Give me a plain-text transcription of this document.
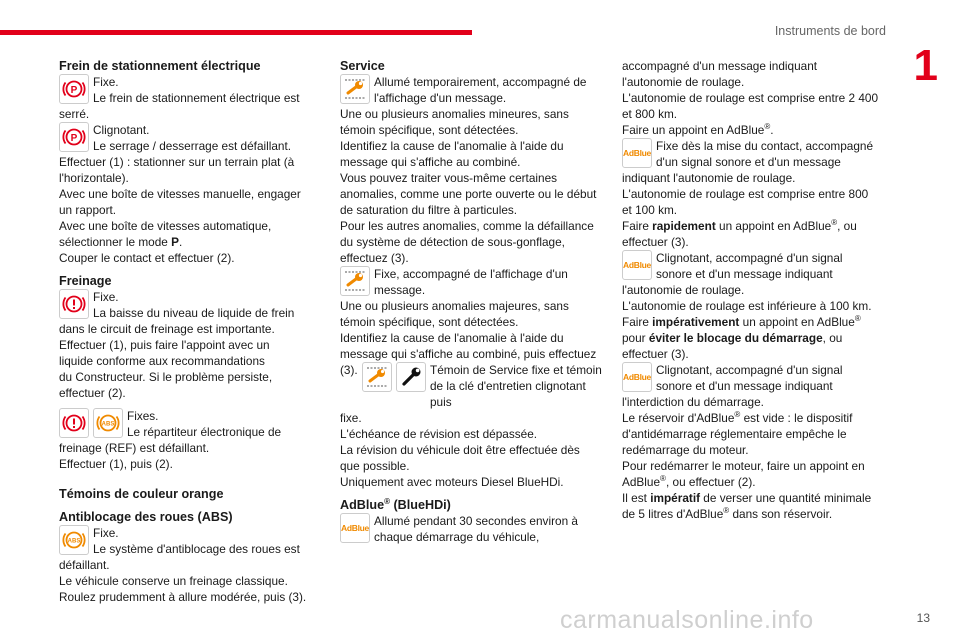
Instruments de bord
1

Frein de stationnement électrique

P

Fixe.

Le frein de stationnement électrique est

serré.

P

Clignotant.

Le serrage / desserrage est défaillant.

Effectuer (1) : stationner sur un terrain plat (à

l'horizontale).

Avec une boîte de vitesses manuelle, engager

un rapport.

Avec une boîte de vitesses automatique,

sélectionner le mode P.

Couper le contact et effectuer (2).

Freinage

Fixe.

La baisse du niveau de liquide de frein

dans le circuit de freinage est importante.

Effectuer (1), puis faire l'appoint avec un

liquide conforme aux recommandations

du Constructeur. Si le problème persiste,

effectuer (2).

ABS

Fixes.

Le répartiteur électronique de

freinage (REF) est défaillant.

Effectuer (1), puis (2).

Témoins de couleur orange

Antiblocage des roues (ABS)

ABS

Fixe.

Le système d'antiblocage des roues est

défaillant.

Le véhicule conserve un freinage classique.

Roulez prudemment à allure modérée, puis (3).

Service

Allumé temporairement, accompagné de

l'affichage d'un message.

Une ou plusieurs anomalies mineures, sans

témoin spécifique, sont détectées.

Identifiez la cause de l'anomalie à l'aide du

message qui s'affiche au combiné.

Vous pouvez traiter vous-même certaines

anomalies, comme une porte ouverte ou le début

de saturation du filtre à particules.

Pour les autres anomalies, comme la défaillance

du système de détection de sous-gonflage,

effectuez (3).

Fixe, accompagné de l'affichage d'un

message.

Une ou plusieurs anomalies majeures, sans

témoin spécifique, sont détectées.

Identifiez la cause de l'anomalie à l'aide du

message qui s'affiche au combiné, puis effectuez

(3).	Témoin de Service fixe et témoin

de la clé d'entretien clignotant puis

fixe.

L'échéance de révision est dépassée.

La révision du véhicule doit être effectuée dès

que possible.

Uniquement avec moteurs Diesel BlueHDi.

AdBlue® (BlueHDi)

AdBlue Allumé pendant 30 secondes environ à

chaque démarrage du véhicule,

accompagné d'un message indiquant

l'autonomie de roulage.

L'autonomie de roulage est comprise entre 2 400

et 800 km.

Faire un appoint en AdBlue®.

AdBlue Fixe dès la mise du contact, accompagné

d'un signal sonore et d'un message

indiquant l'autonomie de roulage.

L'autonomie de roulage est comprise entre 800

et 100 km.

Faire rapidement un appoint en AdBlue®, ou

effectuer (3).

AdBlue Clignotant, accompagné d'un signal

sonore et d'un message indiquant

l'autonomie de roulage.

L'autonomie de roulage est inférieure à 100 km.

Faire impérativement un appoint en AdBlue®

pour éviter le blocage du démarrage, ou

effectuer (3).

AdBlue Clignotant, accompagné d'un signal

sonore et d'un message indiquant

l'interdiction du démarrage.

Le réservoir d'AdBlue® est vide : le dispositif

d'antidémarrage réglementaire empêche le

redémarrage du moteur.

Pour redémarrer le moteur, faire un appoint en

AdBlue®, ou effectuer (2).

Il est impératif de verser une quantité minimale

de 5 litres d'AdBlue® dans son réservoir.

carmanualsonline.info	13
